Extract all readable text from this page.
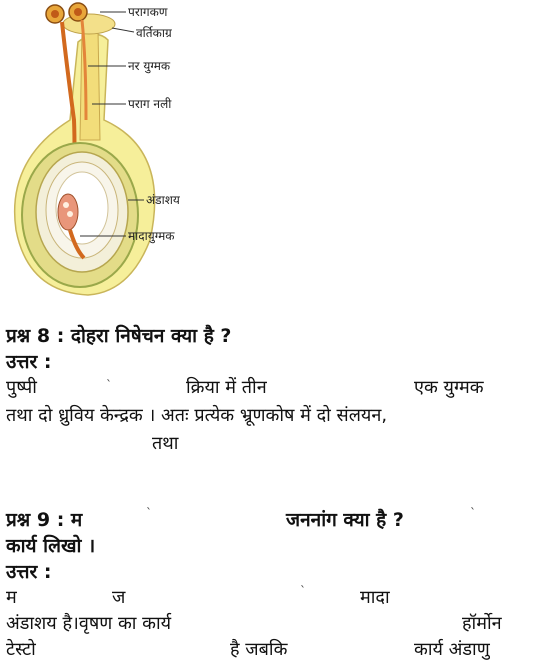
परागकण
वर्तिकाग्र
नर युग्मक
पराग नली
अंडाशय
मादायुग्मक
प्रश्न 8 : दोहरा निषेचन क्या है ?
उत्तर :
पुष्पी	`	क्रिया में तीन	एक युग्मक
तथा दो ध्रुविय केन्द्रक । अतः प्रत्येक भ्रूणकोष में दो संलयन,
तथा
प्रश्न 9 : म	`	जननांग क्या है ?	`
कार्य लिखो ।
उत्तर :
म	ज	`	मादा
अंडाशय है।वृषण का कार्य	हॉर्मोन
टेस्टो	है जबकि	कार्य अंडाणु
